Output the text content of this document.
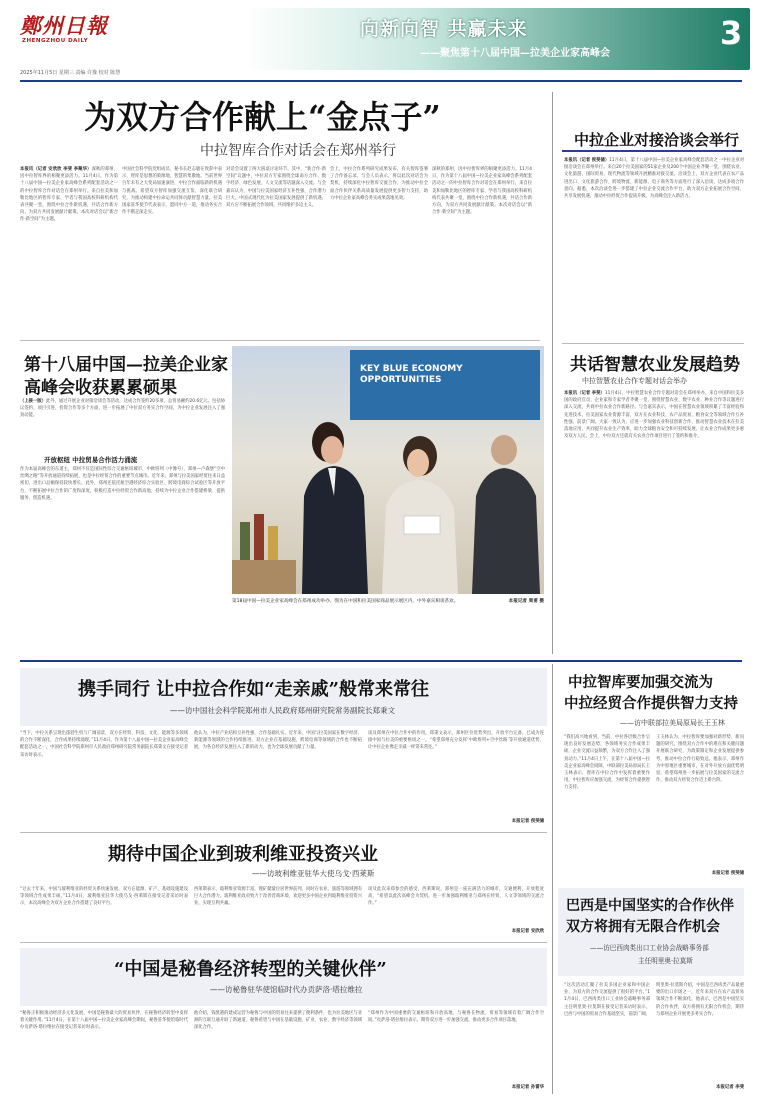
鄭州日報
ZHENGZHOU DAILY
向新向智 共赢未来
——聚焦第十八届中国—拉美企业家高峰会
3
2025年11月5日 星期三 责编 许豫 校对 陈慧
为双方合作献上“金点子”
中拉智库合作对话会在郑州举行
本报讯（记者 安欣欣 李斐 李聚华）深秋的郑州，因中拉智库界的相聚更添活力。11月4日，作为第十八届中国—拉美企业家高峰会系列配套活动之一的中拉智库合作对话会在郑州举行。来自拉美和加勒比地区的智库专家、学者与我国高校科研机构代表共聚一堂，围绕中拉合作新机遇，共话合作新方向，为双方共同发展献计献策。本次对话会以“新合作·新空间”为主题。
中国社会科学院党组成员、秘书长赵志敏在致辞中表示，智库是思想的策源地，智慧的集散地。当前世界百年未有之大变局加速演进，中拉合作面临新的机遇与挑战。希望双方智库加强交流互鉴，深化联合研究，为推动构建中拉命运共同体贡献智慧力量。拉美国家驻华使节代表表示，愿同中方一道，推动务实合作不断走深走实。
对话会设置了两大圆桌讨论环节。其中，“新合作·新空间”议题中，中拉双方专家围绕全球南方合作、数字经济、绿色发展、人文交流等话题深入交流。与会嘉宾认为，中国与拉美国家经济互补性强，合作潜力巨大，中国式现代化为拉美国家发展提供了新机遇，双方应不断拓展合作领域，共同维护多边主义。
会上，中拉合作系列研究成果发布，有关智库签署了合作备忘录。与会人员表示，将以此次对话会为契机，持续深化中拉智库交流合作，为推动中拉全面合作伙伴关系高质量发展提供更多智力支持，助力中拉企业家高峰会务实成果落地见效。
深秋的郑州，因中拉智库界的相聚更添活力。11月4日，作为第十八届中国—拉美企业家高峰会系列配套活动之一的中拉智库合作对话会在郑州举行。来自拉美和加勒比地区的智库专家、学者与我国高校科研机构代表共聚一堂，围绕中拉合作新机遇，共话合作新方向，为双方共同发展献计献策。本次对话会以“新合作·新空间”为主题。
中拉企业对接洽谈会举行
本报讯（记者 侯斐储）11月4日，第十八届中国—拉美企业家高峰会配套活动之一中拉企业对接洽谈会在郑州举行。来自20个拉美国家的51家企业及200个中国企业齐聚一堂，围绕农业、文化旅游、国际贸易、现代物流等领域开展精准对接交流。洽谈会上，双方企业代表在农产品进出口、文化旅游合作、跨境物流、新能源、电子商务等方面进行了深入洽谈，达成多项合作意向。据悉，本次洽谈会进一步搭建了中拉企业交流合作平台，助力双方企业拓展合作空间、共享发展机遇，推动中拉经贸合作提质升级，为高峰会注入新活力。
共话智慧农业发展趋势
中拉智慧农业合作专题对话会举办
本报讯（记者 李斐）11月4日，中拉智慧农业合作专题对话会在郑州举办。来自中国和拉美多国的政府官员、企业家和专家学者齐聚一堂，围绕智慧农业、数字农业、种业合作等议题进行深入交流，共商中拉农业合作新路径。与会嘉宾表示，中国在智慧农业领域积累了丰富经验和先进技术，拉美国家农业资源丰富，双方在农业科技、农产品贸易、粮食安全等领域合作互补性强、前景广阔。大家一致认为，应进一步加强农业科技创新合作，推动智慧农业技术在拉美落地应用，共同提升农业生产效率，助力全球粮食安全和可持续发展，让农业合作成果更多惠及双方人民。会上，中拉双方还就有关农业合作项目进行了签约和推介。
第十八届中国—拉美企业家
高峰会收获累累硕果
（上接一版）此外，通过开展企业对接洽谈会等活动，达成合作签约20多项，总贸易额约20.6亿元。包括协议签约、项目引进、投资合作等多个方面，进一步拓展了中拉双方务实合作空间，为中拉企业发展注入了强劲动能。
开放枢纽 中拉贸易合作活力涌流
作为本届高峰会的东道主，郑州不仅是国际性综合交通枢纽城市，中欧班列（中豫号）、郑州—卢森堡“空中丝绸之路”等开放通道持续拓展，也是中拉经贸合作的重要节点城市。近年来，郑州与拉美国家经贸往来日益密切，进出口总额保持较快增长。此外，郑州还依托航空港经济综合实验区、跨境电商综合试验区等开放平台，不断拓展中拉合作的广度和深度，积极打造中拉经贸合作新高地，持续为中拉企业合作搭建桥梁、提供服务、创造机遇。
KEY BLUE ECONOMY OPPORTUNITIES
第18届中国—拉美企业家高峰会在郑州成功举办。图为在中国和拉美国家商品展示展区内，中外嘉宾相谈甚欢。	本报记者 周甫 摄
携手同行 让中拉合作如“走亲戚”般常来常往
——访中国社会科学院郑州市人民政府郑州研究院常务副院长郑秉文
“当下，中拉关系呈现出蓬勃生机与广阔前景，双方在经贸、科技、文化、能源等多领域的合作不断深化，合作成果持续涌现。”11月4日，作为第十八届中国—拉美企业家高峰会配套活动之一，中国社会科学院郑州市人民政府郑州研究院常务副院长郑秉文在接受记者采访时表示。
他认为，中拉产业结构互补性强，合作基础扎实。近年来，中国与拉美国家在数字经济、新能源等领域的合作持续推进，双方企业在基础设施、跨境电商等领域的合作也不断拓展，为各自经济发展注入了新的动力，也为全球发展贡献了力量。
谈及郑州在中拉合作中的作用，郑秉文表示，郑州区位优势突出，开放平台完备，已成为连接中国与拉美的重要枢纽之一。“希望郑州充分发挥‘中欧班列+空中丝路’等开放通道优势，让中拉企业像走亲戚一样常来常往。”
本报记者 侯斐储
中拉智库要加强交流为
中拉经贸合作提供智力支持
——访中联部拉美局原局长王玉林
“我们高兴地看到，当前，中拉各层级合作呈现出良好发展态势，各领域务实合作成果丰硕，企业交流日益频繁，为双方合作注入了强劲动力。”11月4日上午，在第十八届中国—拉美企业家高峰会间隙，中联部拉美局原局长王玉林表示，智库在中拉合作中发挥着重要作用，中拉智库应加强交流，为经贸合作提供智力支持。
王玉林认为，中拉智库要加强对新形势、新问题的研究，围绕双方合作中的难点和关键问题开展联合研究，为政策制定和企业发展提供参考，推动中拉合作行稳致远。他表示，郑州作为中原地区重要城市，在对外开放方面优势明显，希望郑州进一步拓展与拉美国家的交流合作，推动双方经贸合作迈上新台阶。
本报记者 侯斐储
期待中国企业到玻利维亚投资兴业
——访玻利维亚驻华大使乌戈·西莱斯
“过去十年来，中国与玻利维亚的经贸关系快速发展，双方在能源、矿产、基础设施建设等领域合作成果丰硕。”11月4日，玻利维亚驻华大使乌戈·西莱斯在接受记者采访时表示，本次高峰会为双方企业合作搭建了良好平台。
西莱斯表示，玻利维亚资源丰富，锂矿储量位居世界前列，同时在农业、旅游等领域拥有巨大合作潜力。玻利维亚政府致力于改善营商环境，欢迎更多中国企业到玻利维亚投资兴业，实现互利共赢。
谈及此次来郑参会的感受，西莱斯说，郑州是一座充满活力的城市，交通便利，开放程度高，“希望以此次高峰会为契机，进一步加强玻利维亚与郑州在经贸、人文等领域的交流合作。”
本报记者 安欣欣
巴西是中国坚实的合作伙伴
双方将拥有无限合作机会
——访巴西肉类出口工业协会战略事务部
主任明里奥·拉莫斯
“这次活动汇聚了拉美多国企业家和中国企业，为双方的合作交流提供了很好的平台。”11月4日，巴西肉类出口工业协会战略事务部主任明里奥·拉莫斯在接受记者采访时表示，巴西与中国的贸易合作基础坚实，前景广阔。
明里奥·拉莫斯介绍，中国是巴西肉类产品最重要的出口市场之一，近年来双方在农产品贸易领域合作不断深化。他表示，巴西是中国坚实的合作伙伴，双方将拥有无限合作机会，期待与郑州企业开展更多务实合作。
本报记者 李斐
“中国是秘鲁经济转型的关键伙伴”
——访秘鲁驻华使馆临时代办贡萨洛·塔拉维拉
“秘鲁正积极推动经济多元化发展，中国是秘鲁最大的贸易伙伴，在秘鲁经济转型中发挥着关键作用。”11月4日，在第十八届中国—拉美企业家高峰会期间，秘鲁驻华使馆临时代办贡萨洛·塔拉维拉在接受记者采访时表示。
他介绍，钱凯港的建成运营为秘鲁与中国的贸易往来提供了便利条件，也为拉美地区与亚洲的互联互通开辟了新通道。秘鲁希望与中国在基础设施、矿业、农业、数字经济等领域深化合作。
“郑州作为中国重要的交通枢纽和开放高地，与秘鲁在物流、贸易等领域有着广阔合作空间。”贡萨洛·塔拉维拉表示，期待双方进一步加强交流，推动更多合作项目落地。
本报记者 孙雷华
